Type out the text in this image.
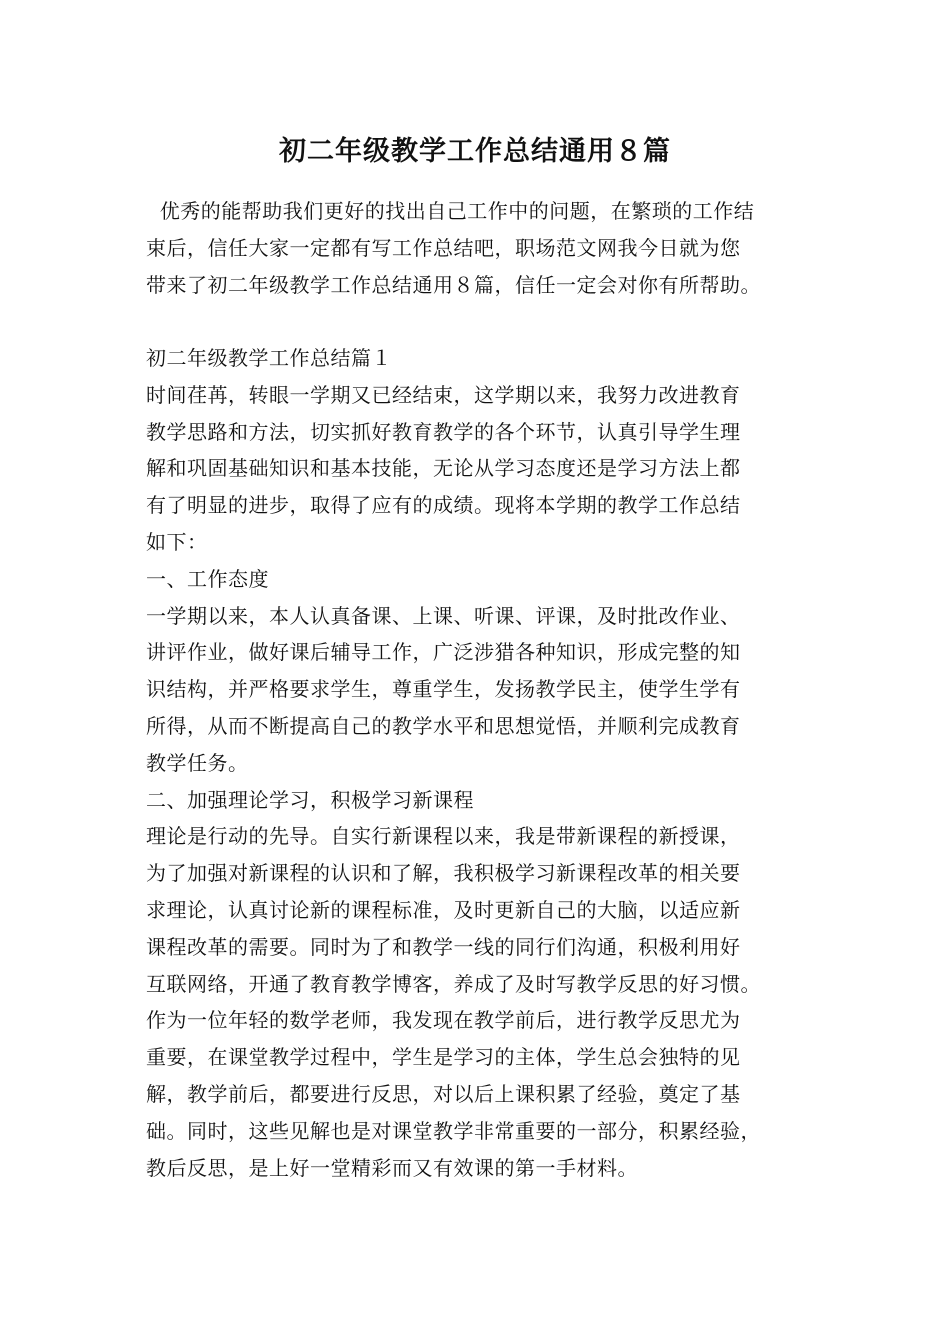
初二年级教学工作总结通用８篇
优秀的能帮助我们更好的找出自己工作中的问题，在繁琐的工作结
束后，信任大家一定都有写工作总结吧，职场范文网我今日就为您
带来了初二年级教学工作总结通用８篇，信任一定会对你有所帮助。
初二年级教学工作总结篇１
时间荏苒，转眼一学期又已经结束，这学期以来，我努力改进教育
教学思路和方法，切实抓好教育教学的各个环节，认真引导学生理
解和巩固基础知识和基本技能，无论从学习态度还是学习方法上都
有了明显的进步，取得了应有的成绩。现将本学期的教学工作总结
如下：
一、工作态度
一学期以来，本人认真备课、上课、听课、评课，及时批改作业、
讲评作业，做好课后辅导工作，广泛涉猎各种知识，形成完整的知
识结构，并严格要求学生，尊重学生，发扬教学民主，使学生学有
所得，从而不断提高自己的教学水平和思想觉悟，并顺利完成教育
教学任务。
二、加强理论学习，积极学习新课程
理论是行动的先导。自实行新课程以来，我是带新课程的新授课，
为了加强对新课程的认识和了解，我积极学习新课程改革的相关要
求理论，认真讨论新的课程标准，及时更新自己的大脑，以适应新
课程改革的需要。同时为了和教学一线的同行们沟通，积极利用好
互联网络，开通了教育教学博客，养成了及时写教学反思的好习惯。
作为一位年轻的数学老师，我发现在教学前后，进行教学反思尤为
重要，在课堂教学过程中，学生是学习的主体，学生总会独特的见
解，教学前后，都要进行反思，对以后上课积累了经验，奠定了基
础。同时，这些见解也是对课堂教学非常重要的一部分，积累经验，
教后反思，是上好一堂精彩而又有效课的第一手材料。
